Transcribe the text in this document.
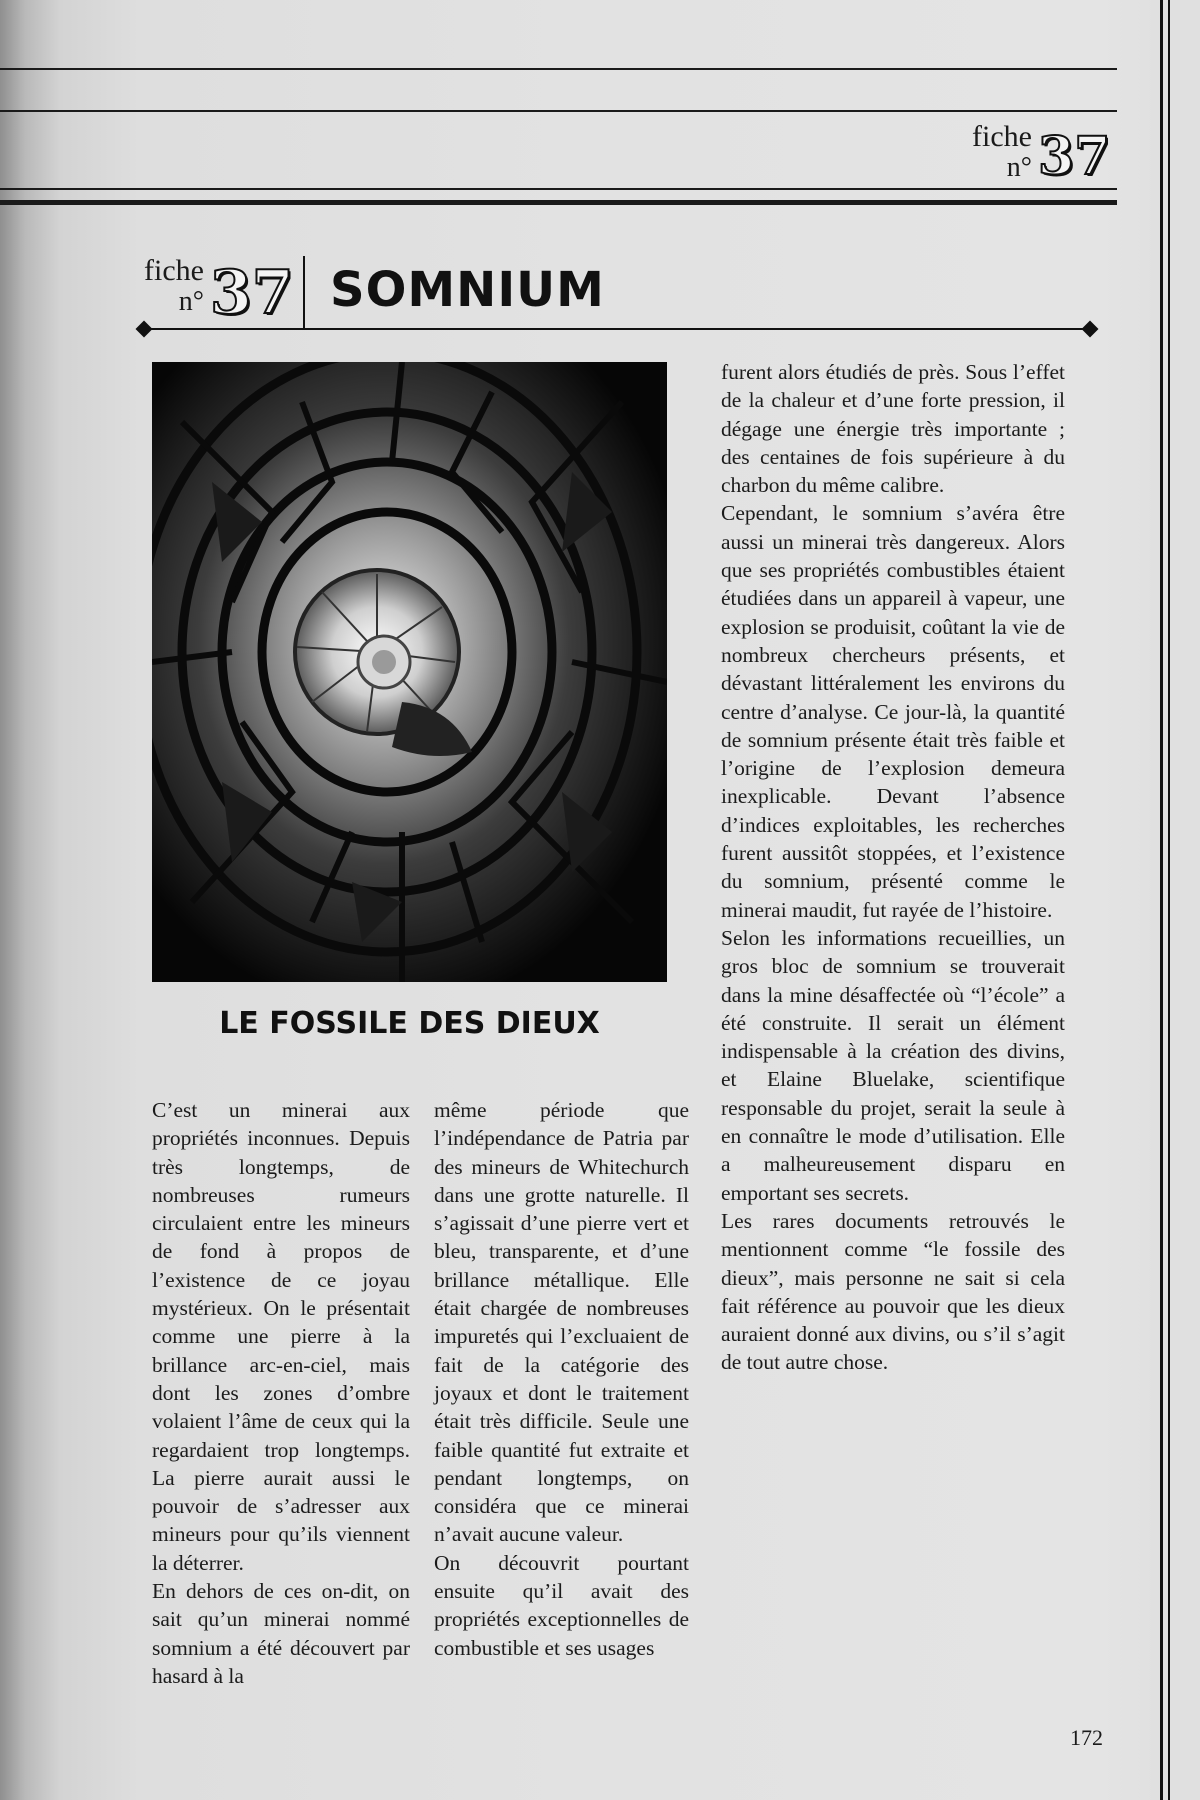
fiche
n° 37
fiche
n° 37 SOMNIUM
LE FOSSILE DES DIEUX

C’est un minerai aux propriétés inconnues. Depuis très longtemps, de nombreuses rumeurs circulaient entre les mineurs de fond à propos de l’existence de ce joyau mystérieux. On le présentait comme une pierre à la brillance arc-en-ciel, mais dont les zones d’ombre volaient l’âme de ceux qui la regardaient trop longtemps. La pierre aurait aussi le pouvoir de s’adresser aux mineurs pour qu’ils viennent la déterrer.

En dehors de ces on-dit, on sait qu’un minerai nommé somnium a été découvert par hasard à la

même période que l’indépendance de Patria par des mineurs de Whitechurch dans une grotte naturelle. Il s’agissait d’une pierre vert et bleu, transparente, et d’une brillance métallique. Elle était chargée de nombreuses impuretés qui l’excluaient de fait de la catégorie des joyaux et dont le traitement était très difficile. Seule une faible quantité fut extraite et pendant longtemps, on considéra que ce minerai n’avait aucune valeur.

On découvrit pourtant ensuite qu’il avait des propriétés exceptionnelles de combustible et ses usages

furent alors étudiés de près. Sous l’effet de la chaleur et d’une forte pression, il dégage une énergie très importante ; des centaines de fois supérieure à du charbon du même calibre.

Cependant, le somnium s’avéra être aussi un minerai très dangereux. Alors que ses propriétés combustibles étaient étudiées dans un appareil à vapeur, une explosion se produisit, coûtant la vie de nombreux chercheurs présents, et dévastant littéralement les environs du centre d’analyse. Ce jour-là, la quantité de somnium présente était très faible et l’origine de l’explosion demeura inexplicable. Devant l’absence d’indices exploitables, les recherches furent aussitôt stoppées, et l’existence du somnium, présenté comme le minerai maudit, fut rayée de l’histoire.

Selon les informations recueillies, un gros bloc de somnium se trouverait dans la mine désaffectée où “l’école” a été construite. Il serait un élément indispensable à la création des divins, et Elaine Bluelake, scientifique responsable du projet, serait la seule à en connaître le mode d’utilisation. Elle a malheureusement disparu en emportant ses secrets.

Les rares documents retrouvés le mentionnent comme “le fossile des dieux”, mais personne ne sait si cela fait référence au pouvoir que les dieux auraient donné aux divins, ou s’il s’agit de tout autre chose.

172
